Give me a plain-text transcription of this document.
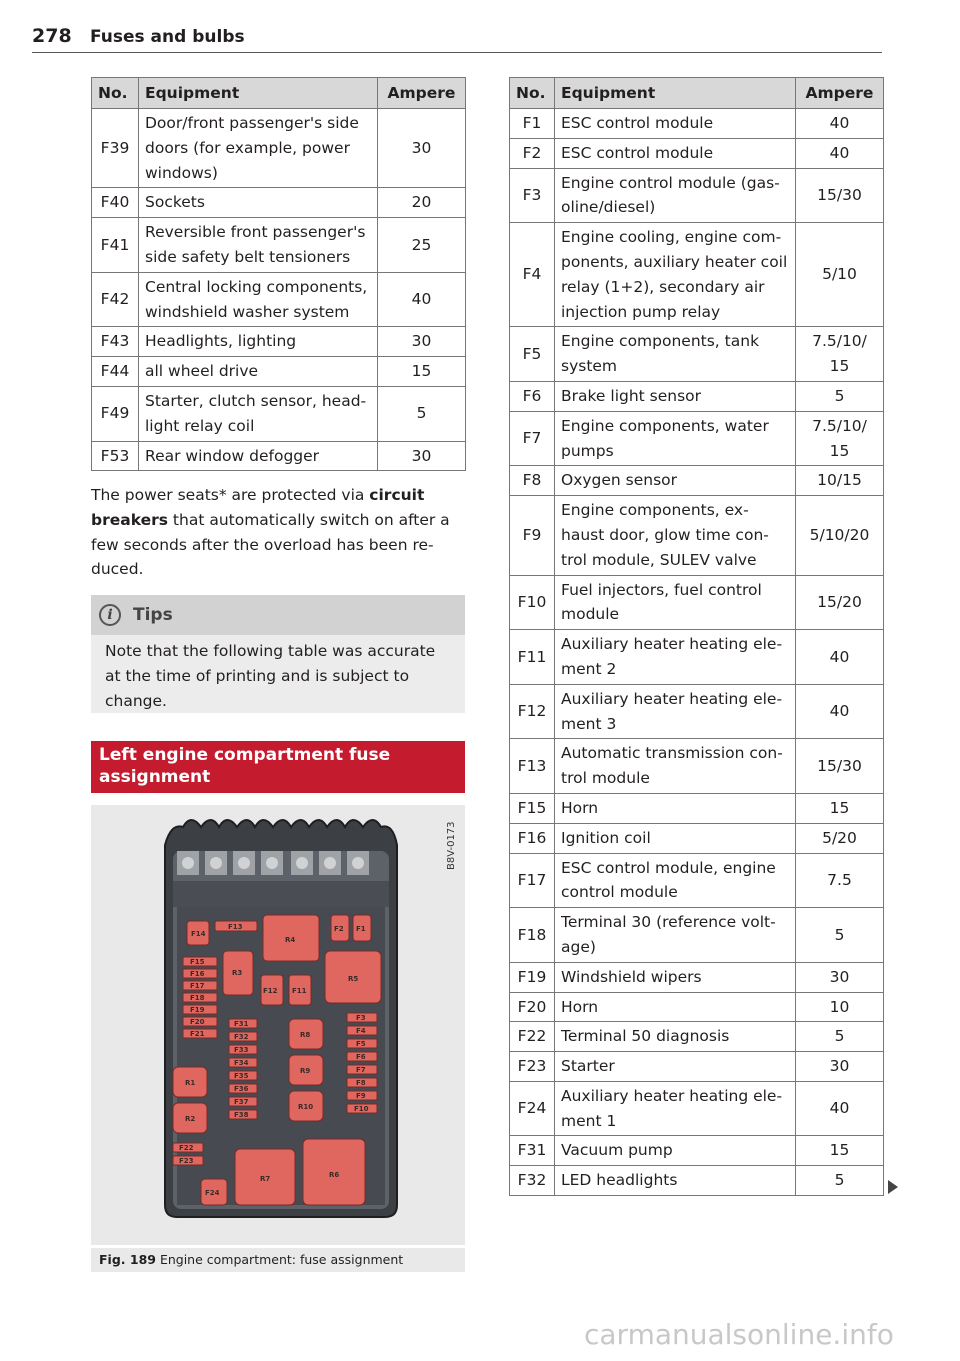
278 Fuses and bulbs
No.	Equipment	Ampere
F39	Door/front passenger's side doors (for example, power windows)	30
F40	Sockets	20
F41	Reversible front passenger's side safety belt tensioners	25
F42	Central locking components, windshield washer system	40
F43	Headlights, lighting	30
F44	all wheel drive	15
F49	Starter, clutch sensor, head- light relay coil	5
F53	Rear window defogger	30
The power seats* are protected via circuit breakers that automatically switch on after a few seconds after the overload has been re- duced.
i	Tips
Note that the following table was accurate at the time of printing and is subject to change.
Left engine compartment fuse assignment
F14
F13
R4
F2 F1
R3
F12 F11
R5
F15
F16
F17
F18
F19
F20
F21
F31
F32
F33
F34
F35
F36
F37
F38
R8
R9
R10
F3
F4
F5
F6
F7
F8
F9
F10
R1
R2
F22
F23
F24
R7	R6
B8V-0173
Fig. 189 Engine compartment: fuse assignment
No.	Equipment	Ampere
F1	ESC control module	40
F2	ESC control module	40
F3	Engine control module (gas- oline/diesel)	15/30
F4	Engine cooling, engine com- ponents, auxiliary heater coil relay (1+2), secondary air injection pump relay	5/10
F5	Engine components, tank system	7.5/10/ 15
F6	Brake light sensor	5
F7	Engine components, water pumps	7.5/10/ 15
F8	Oxygen sensor	10/15
F9	Engine components, ex- haust door, glow time con- trol module, SULEV valve	5/10/20
F10	Fuel injectors, fuel control module	15/20
F11	Auxiliary heater heating ele- ment 2	40
F12	Auxiliary heater heating ele- ment 3	40
F13	Automatic transmission con- trol module	15/30
F15	Horn	15
F16	Ignition coil	5/20
F17	ESC control module, engine control module	7.5
F18	Terminal 30 (reference volt- age)	5
F19	Windshield wipers	30
F20	Horn	10
F22	Terminal 50 diagnosis	5
F23	Starter	30
F24	Auxiliary heater heating ele- ment 1	40
F31	Vacuum pump	15
F32	LED headlights	5
carmanualsonline.info
